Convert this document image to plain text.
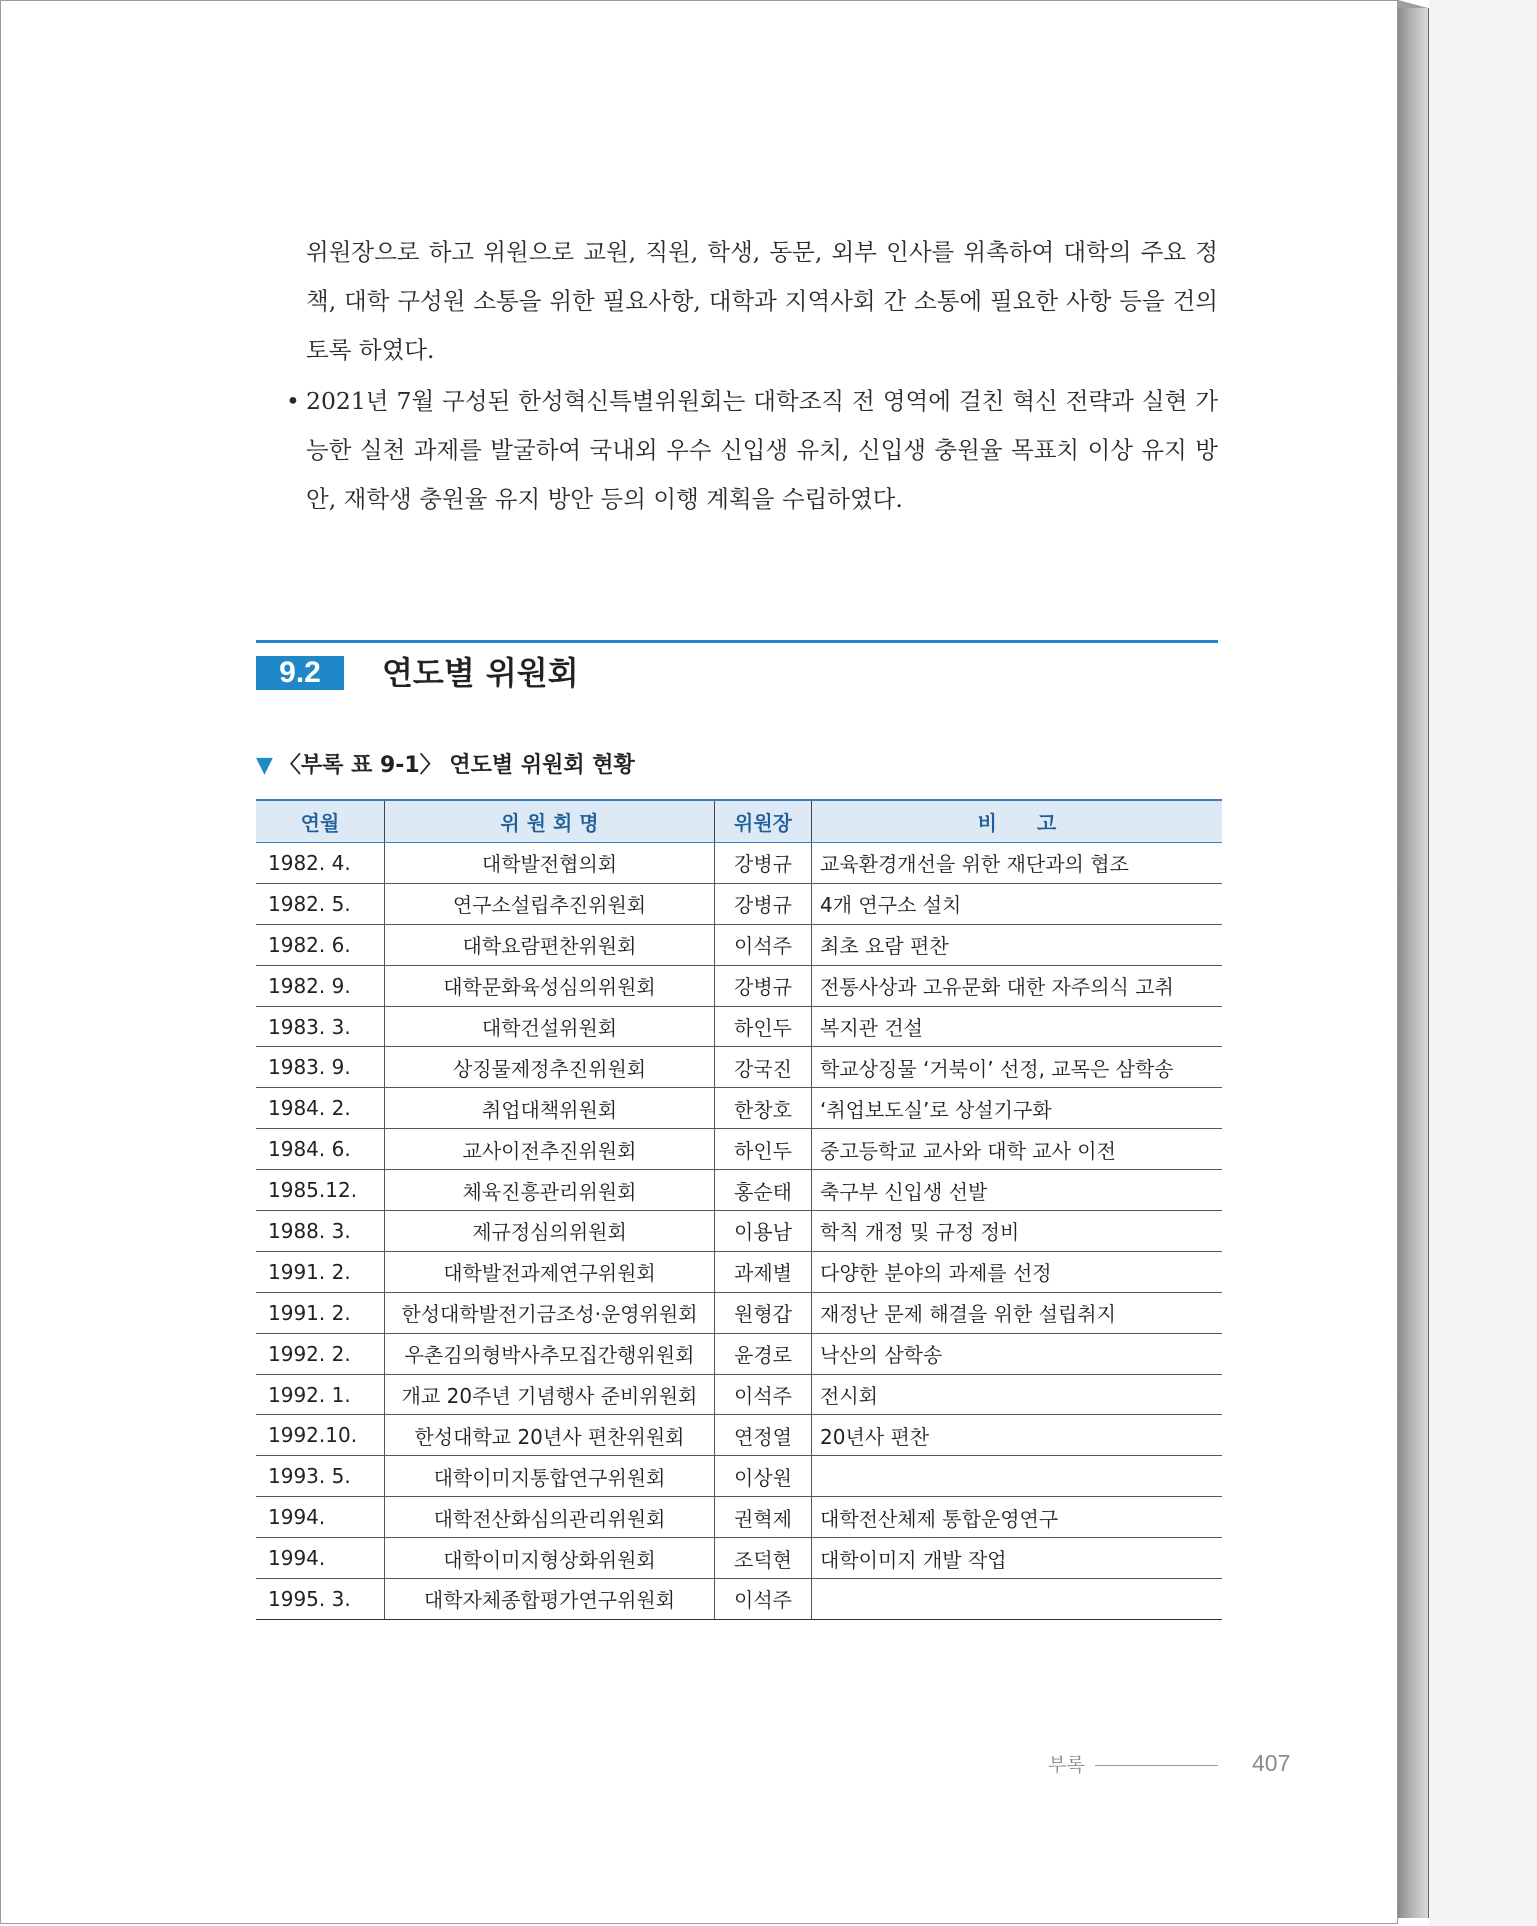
위원장으로 하고 위원으로 교원, 직원, 학생, 동문, 외부 인사를 위촉하여 대학의 주요 정책, 대학 구성원 소통을 위한 필요사항, 대학과 지역사회 간 소통에 필요한 사항 등을 건의 토록 하였다.

• 2021년 7월 구성된 한성혁신특별위원회는 대학조직 전 영역에 걸친 혁신 전략과 실현 가능한 실천 과제를 발굴하여 국내외 우수 신입생 유치, 신입생 충원율 목표치 이상 유지 방안, 재학생 충원율 유지 방안 등의 이행 계획을 수립하였다.

9.2	연도별 위원회
▼ 〈부록 표 9-1〉 연도별 위원회 현황
연월	위 원 회 명	위원장	비　　고
1982. 4.	대학발전협의회	강병규	교육환경개선을 위한 재단과의 협조
1982. 5.	연구소설립추진위원회	강병규	4개 연구소 설치
1982. 6.	대학요람편찬위원회	이석주	최초 요람 편찬
1982. 9.	대학문화육성심의위원회	강병규	전통사상과 고유문화 대한 자주의식 고취
1983. 3.	대학건설위원회	하인두	복지관 건설
1983. 9.	상징물제정추진위원회	강국진	학교상징물 ‘거북이’ 선정, 교목은 삼학송
1984. 2.	취업대책위원회	한창호	‘취업보도실’로 상설기구화
1984. 6.	교사이전추진위원회	하인두	중고등학교 교사와 대학 교사 이전
1985.12.	체육진흥관리위원회	홍순태	축구부 신입생 선발
1988. 3.	제규정심의위원회	이용남	학칙 개정 및 규정 정비
1991. 2.	대학발전과제연구위원회	과제별	다양한 분야의 과제를 선정
1991. 2.	한성대학발전기금조성·운영위원회	원형갑	재정난 문제 해결을 위한 설립취지
1992. 2.	우촌김의형박사추모집간행위원회	윤경로	낙산의 삼학송
1992. 1.	개교 20주년 기념행사 준비위원회	이석주	전시회
1992.10.	한성대학교 20년사 편찬위원회	연정열	20년사 편찬
1993. 5.	대학이미지통합연구위원회	이상원	
1994.	대학전산화심의관리위원회	권혁제	대학전산체제 통합운영연구
1994.	대학이미지형상화위원회	조덕현	대학이미지 개발 작업
1995. 3.	대학자체종합평가연구위원회	이석주	
부록	407
